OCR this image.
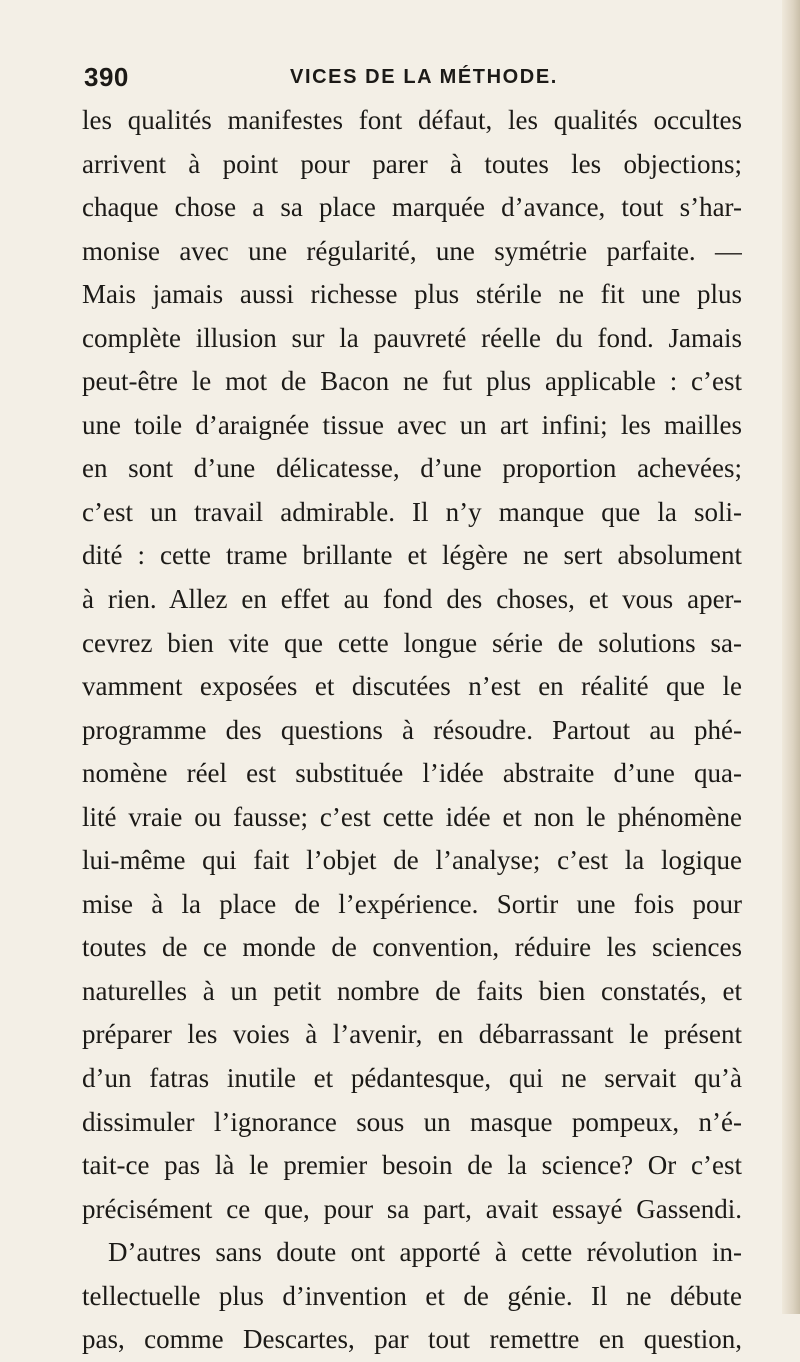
390	VICES DE LA MÉTHODE.
les qualités manifestes font défaut, les qualités occultes
arrivent à point pour parer à toutes les objections;
chaque chose a sa place marquée d’avance, tout s’har-
monise avec une régularité, une symétrie parfaite. —
Mais jamais aussi richesse plus stérile ne fit une plus
complète illusion sur la pauvreté réelle du fond. Jamais
peut-être le mot de Bacon ne fut plus applicable : c’est
une toile d’araignée tissue avec un art infini; les mailles
en sont d’une délicatesse, d’une proportion achevées;
c’est un travail admirable. Il n’y manque que la soli-
dité : cette trame brillante et légère ne sert absolument
à rien. Allez en effet au fond des choses, et vous aper-
cevrez bien vite que cette longue série de solutions sa-
vamment exposées et discutées n’est en réalité que le
programme des questions à résoudre. Partout au phé-
nomène réel est substituée l’idée abstraite d’une qua-
lité vraie ou fausse; c’est cette idée et non le phénomène
lui-même qui fait l’objet de l’analyse; c’est la logique
mise à la place de l’expérience. Sortir une fois pour
toutes de ce monde de convention, réduire les sciences
naturelles à un petit nombre de faits bien constatés, et
préparer les voies à l’avenir, en débarrassant le présent
d’un fatras inutile et pédantesque, qui ne servait qu’à
dissimuler l’ignorance sous un masque pompeux, n’é-
tait-ce pas là le premier besoin de la science? Or c’est
précisément ce que, pour sa part, avait essayé Gassendi.
D’autres sans doute ont apporté à cette révolution in-
tellectuelle plus d’invention et de génie. Il ne débute
pas, comme Descartes, par tout remettre en question,
